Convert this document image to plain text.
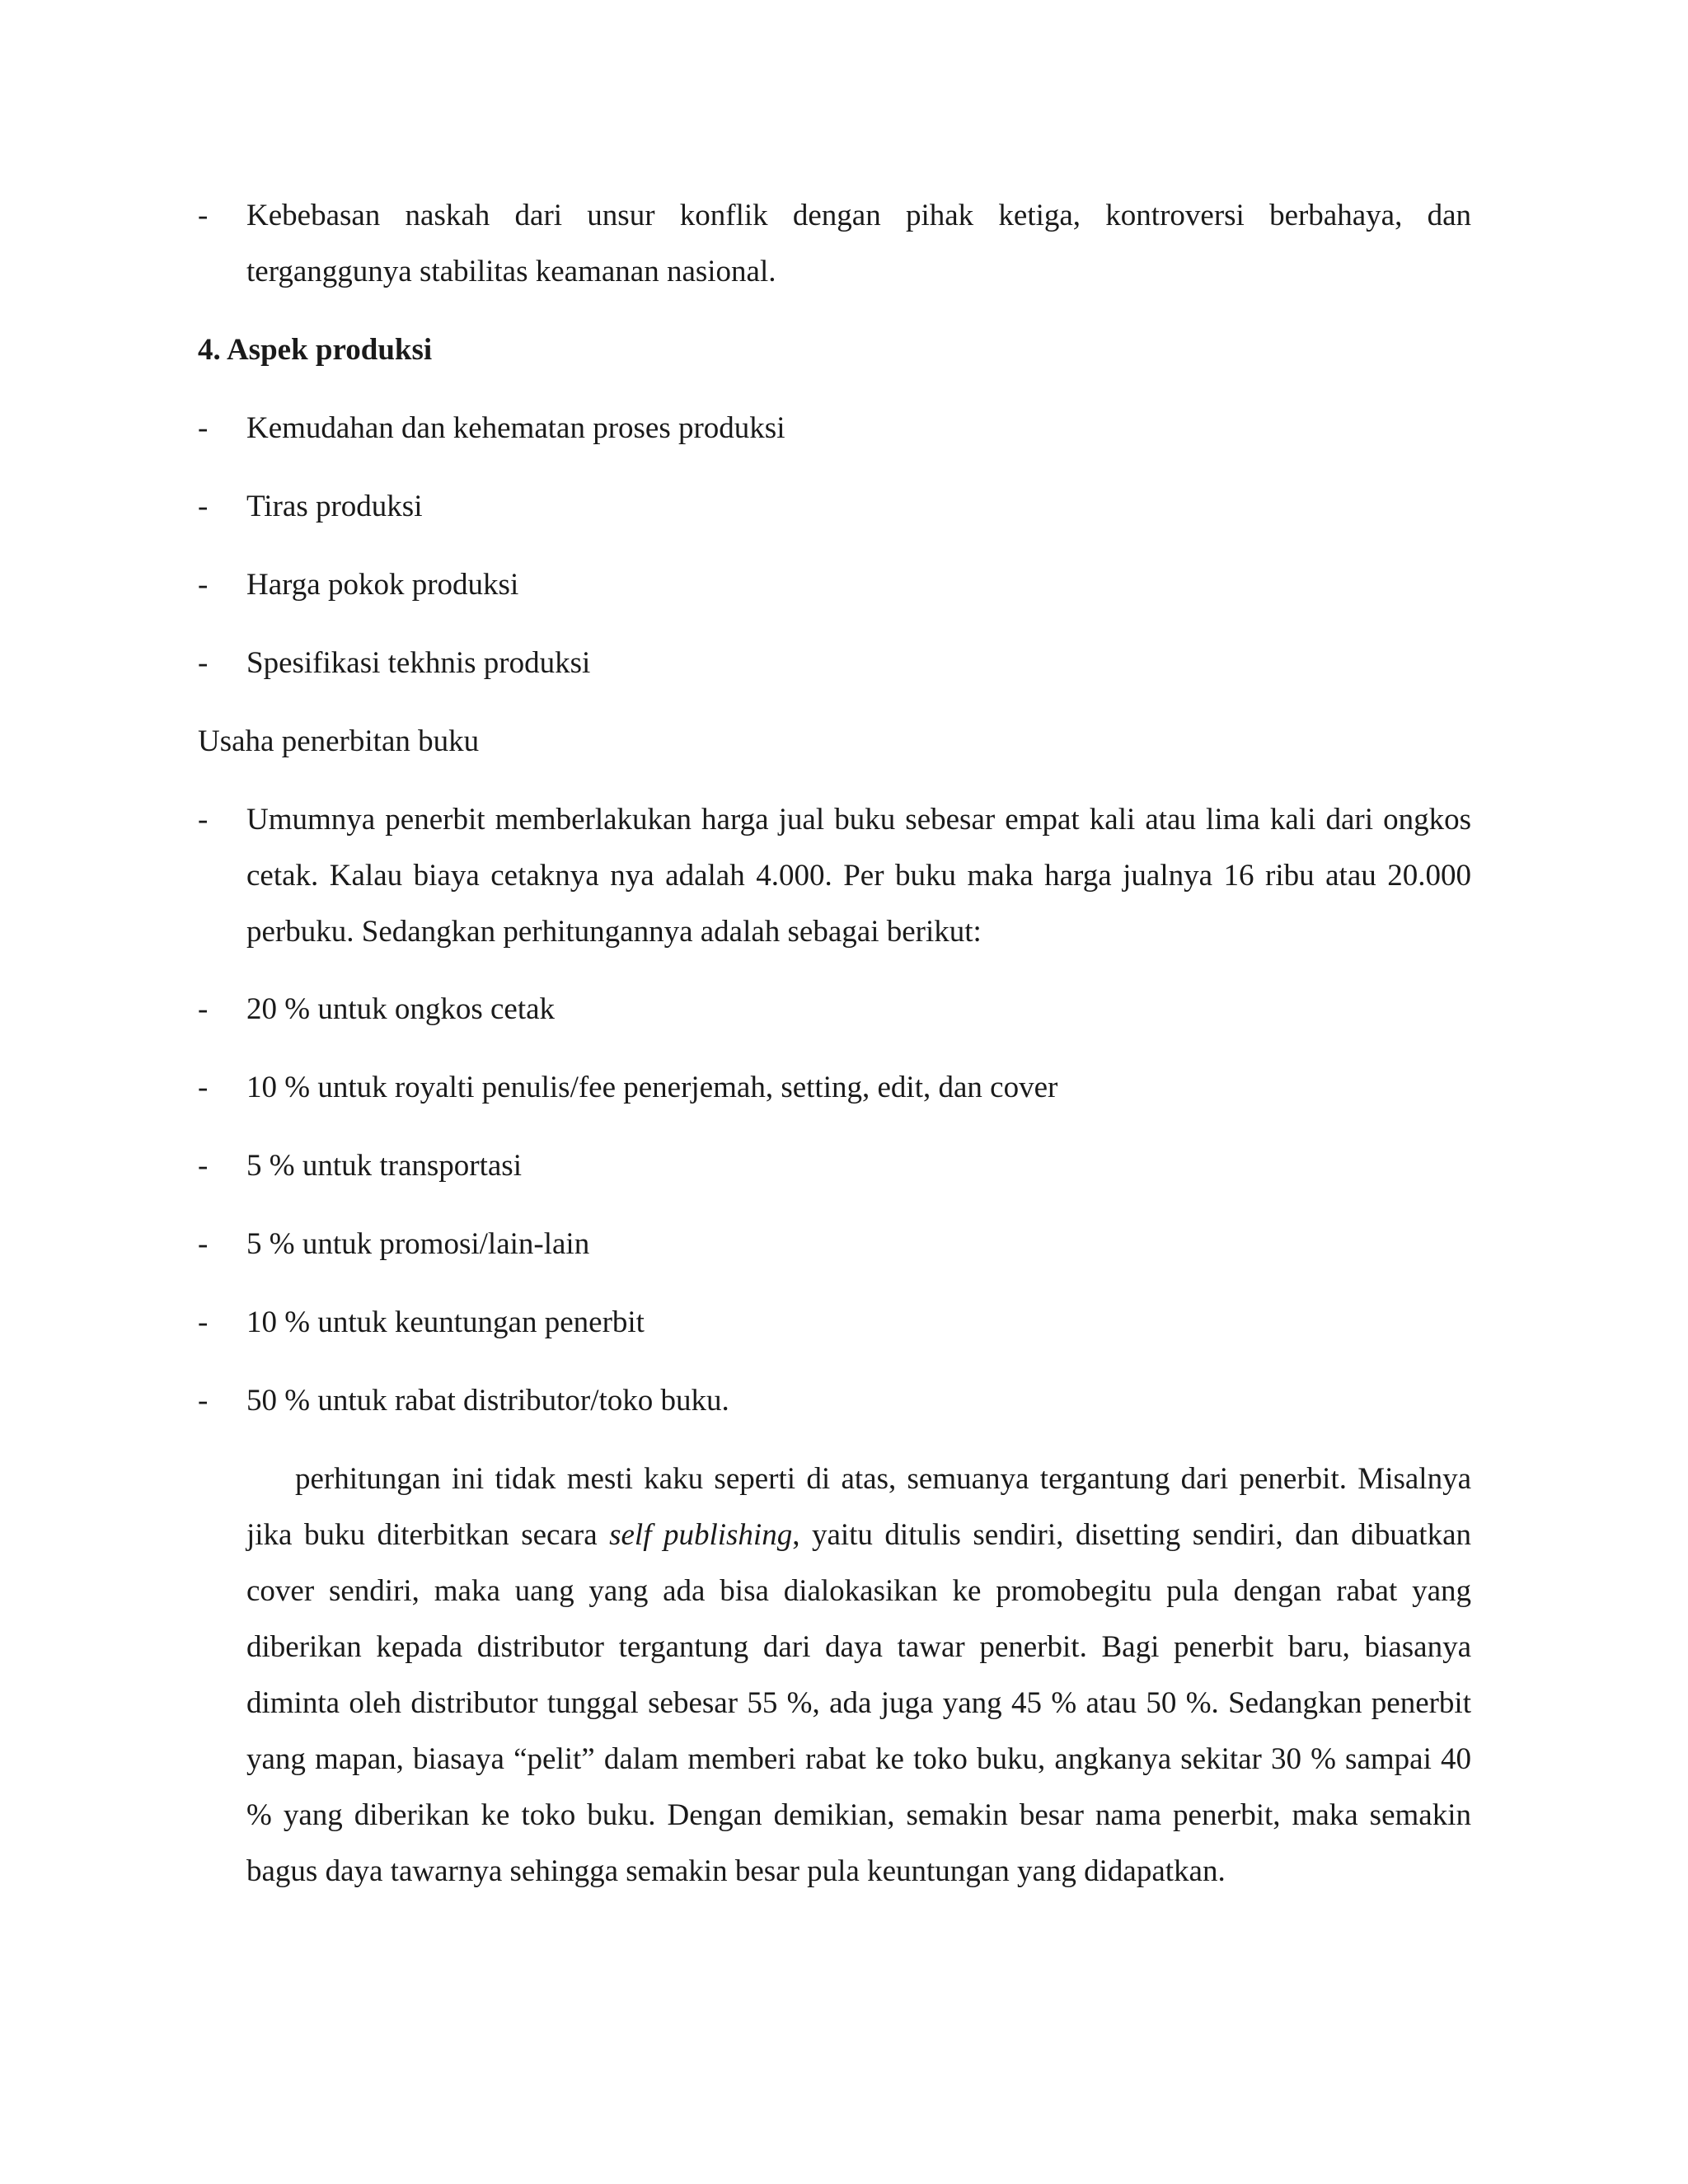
-	Kebebasan naskah dari unsur konflik dengan pihak ketiga, kontroversi berbahaya, dan terganggunya stabilitas keamanan nasional.
4. Aspek produksi
-	Kemudahan dan kehematan proses produksi
-	Tiras produksi
-	Harga pokok produksi
-	Spesifikasi tekhnis produksi
Usaha penerbitan buku
-	Umumnya penerbit memberlakukan harga jual buku sebesar empat kali atau lima kali dari ongkos cetak. Kalau biaya cetaknya nya adalah 4.000. Per buku maka harga jualnya 16 ribu atau 20.000 perbuku. Sedangkan perhitungannya adalah sebagai berikut:
-	20 % untuk ongkos cetak
-	10 % untuk royalti penulis/fee penerjemah, setting, edit, dan cover
-	5 % untuk transportasi
-	5 % untuk promosi/lain-lain
-	10 % untuk keuntungan penerbit
-	50 % untuk rabat distributor/toko buku.
perhitungan ini tidak mesti kaku seperti di atas, semuanya tergantung dari penerbit. Misalnya jika buku diterbitkan secara self publishing, yaitu ditulis sendiri, disetting sendiri, dan dibuatkan cover sendiri, maka uang yang ada bisa dialokasikan ke promobegitu pula dengan rabat yang diberikan kepada distributor tergantung dari daya tawar penerbit. Bagi penerbit baru, biasanya diminta oleh distributor tunggal sebesar 55 %, ada juga yang 45 % atau 50 %. Sedangkan penerbit yang mapan, biasaya “pelit” dalam memberi rabat ke toko buku, angkanya sekitar 30 % sampai 40 % yang diberikan ke toko buku. Dengan demikian, semakin besar nama penerbit, maka semakin bagus daya tawarnya sehingga semakin besar pula keuntungan yang didapatkan.
